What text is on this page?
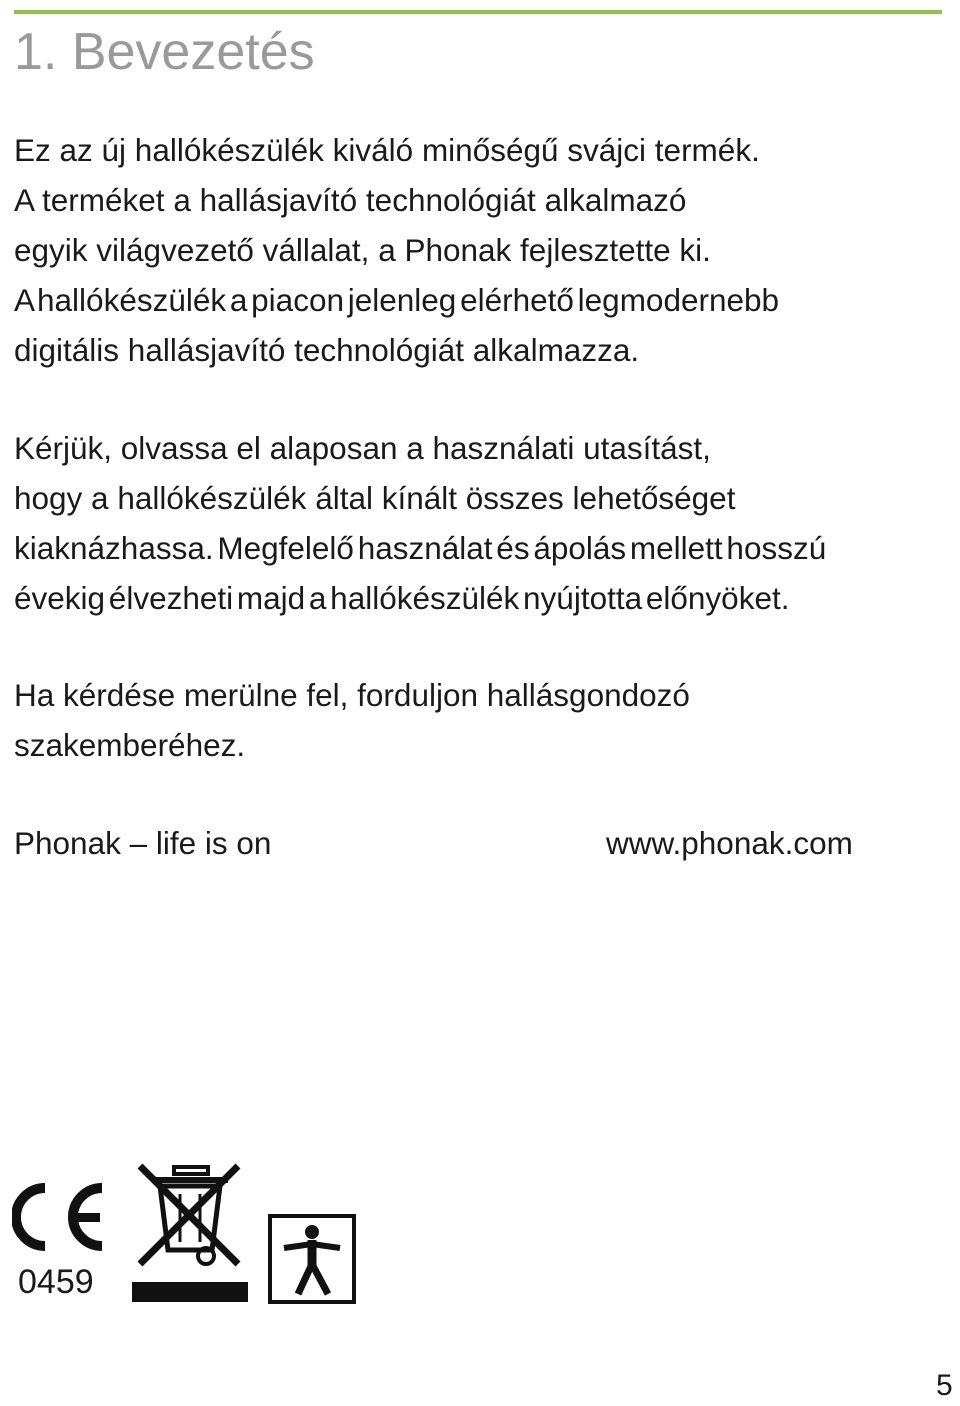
1. Bevezetés

Ez az új hallókészülék kiváló minőségű svájci termék.
A terméket a hallásjavító technológiát alkalmazó
egyik világvezető vállalat, a Phonak fejlesztette ki.
A hallókészülék a piacon jelenleg elérhető legmodernebb
digitális hallásjavító technológiát alkalmazza.

Kérjük, olvassa el alaposan a használati utasítást,
hogy a hallókészülék által kínált összes lehetőséget
kiaknázhassa. Megfelelő használat és ápolás mellett hosszú
évekig élvezheti majd a hallókészülék nyújtotta előnyöket.

Ha kérdése merülne fel, forduljon hallásgondozó
szakemberéhez.

Phonak – life is on	www.phonak.com
0459
5
